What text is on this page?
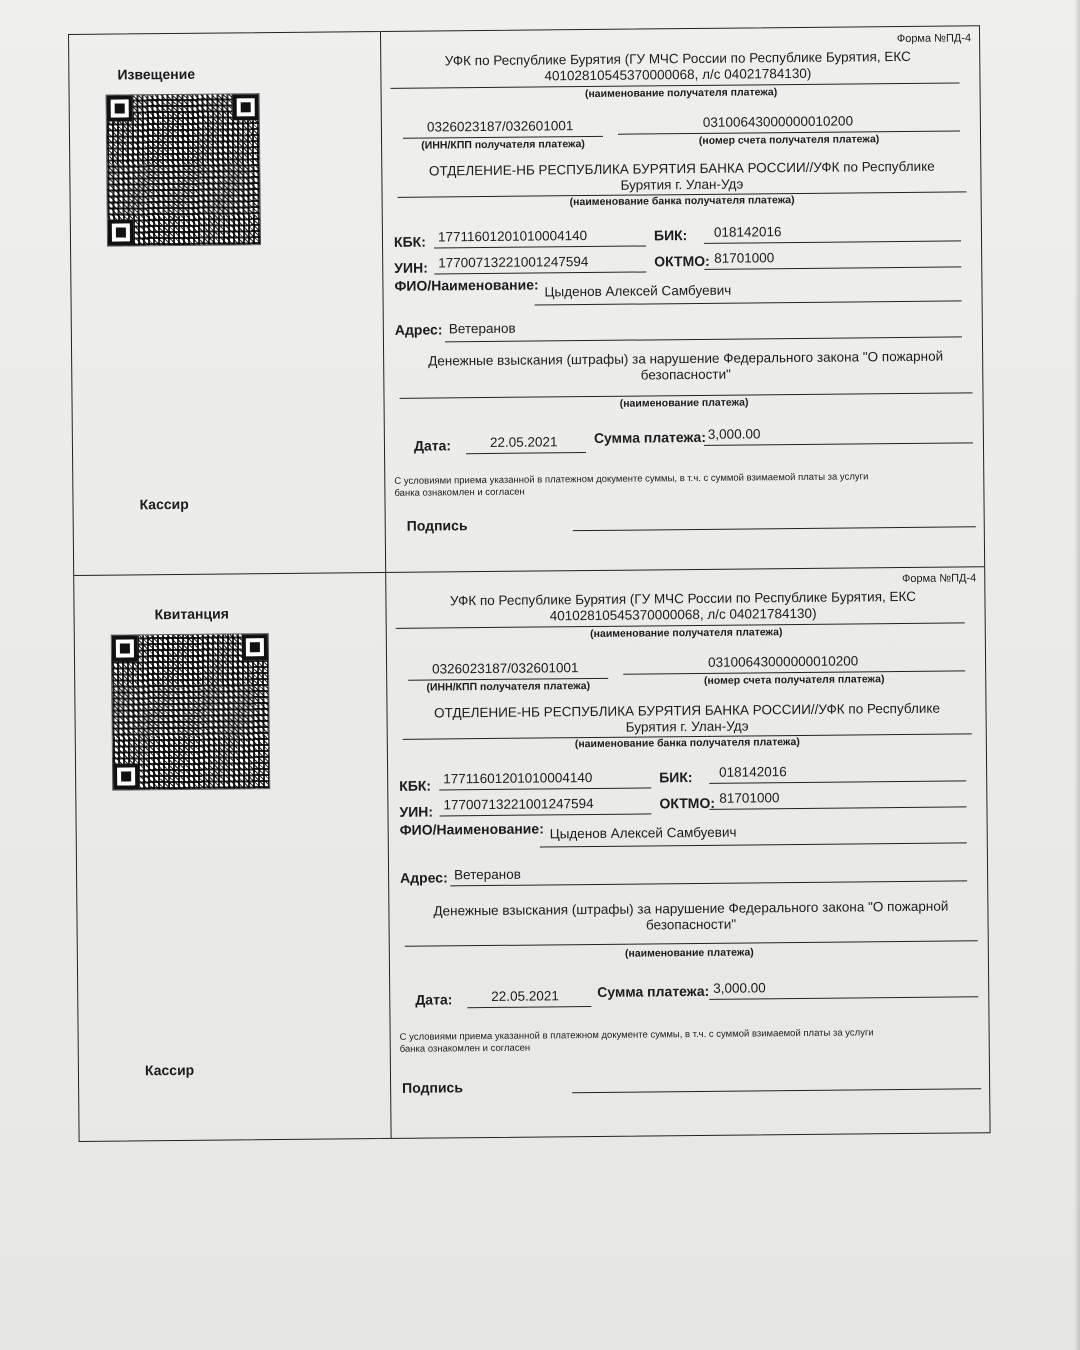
Извещение
Кассир
Форма №ПД-4
УФК по Республике Бурятия (ГУ МЧС России по Республике Бурятия, ЕКС
40102810545370000068, л/с 04021784130)
(наименование получателя платежа)
0326023187/032601001
(ИНН/КПП получателя платежа)
03100643000000010200
(номер счета получателя платежа)
ОТДЕЛЕНИЕ-НБ РЕСПУБЛИКА БУРЯТИЯ БАНКА РОССИИ//УФК по Республике
Бурятия г. Улан-Удэ
(наименование банка получателя платежа)
КБК: 17711601201010004140	БИК: 018142016
УИН: 17700713221001247594	ОКТМО: 81701000
ФИО/Наименование: Цыденов Алексей Самбуевич
Адрес: Ветеранов
Денежные взыскания (штрафы) за нарушение Федерального закона "О пожарной
безопасности"
(наименование платежа)
Дата:	22.05.2021	Сумма платежа: 3,000.00
С условиями приема указанной в платежном документе суммы, в т.ч. с суммой взимаемой платы за услуги
банка ознакомлен и согласен
Подпись
Квитанция
Кассир
Форма №ПД-4
УФК по Республике Бурятия (ГУ МЧС России по Республике Бурятия, ЕКС
40102810545370000068, л/с 04021784130)
(наименование получателя платежа)
0326023187/032601001
(ИНН/КПП получателя платежа)
03100643000000010200
(номер счета получателя платежа)
ОТДЕЛЕНИЕ-НБ РЕСПУБЛИКА БУРЯТИЯ БАНКА РОССИИ//УФК по Республике
Бурятия г. Улан-Удэ
(наименование банка получателя платежа)
КБК: 17711601201010004140	БИК: 018142016
УИН: 17700713221001247594	ОКТМО: 81701000
ФИО/Наименование: Цыденов Алексей Самбуевич
Адрес: Ветеранов
Денежные взыскания (штрафы) за нарушение Федерального закона "О пожарной
безопасности"
(наименование платежа)
Дата:	22.05.2021	Сумма платежа: 3,000.00
С условиями приема указанной в платежном документе суммы, в т.ч. с суммой взимаемой платы за услуги
банка ознакомлен и согласен
Подпись
